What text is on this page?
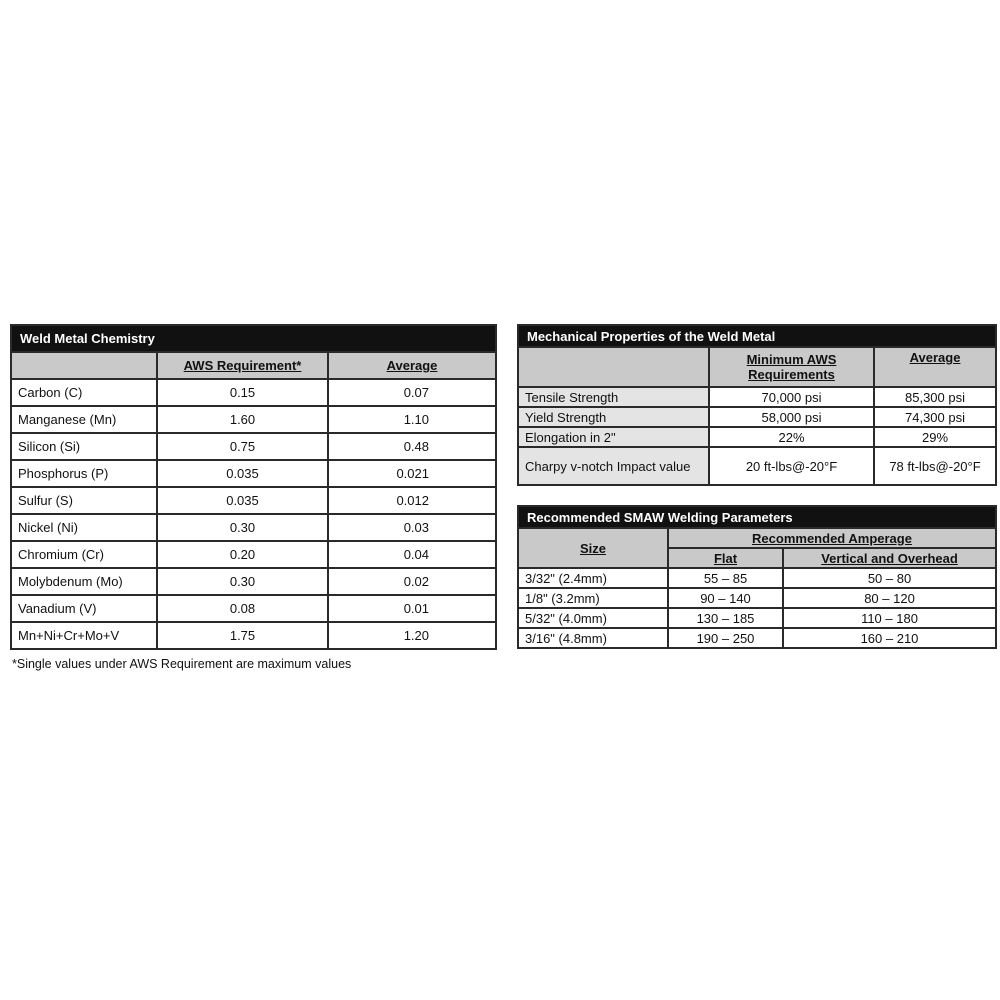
Weld Metal Chemistry		
	AWS Requirement*	Average
Carbon (C)	0.15	0.07
Manganese (Mn)	1.60	1.10
Silicon (Si)	0.75	0.48
Phosphorus (P)	0.035	0.021
Sulfur (S)	0.035	0.012
Nickel (Ni)	0.30	0.03
Chromium (Cr)	0.20	0.04
Molybdenum (Mo)	0.30	0.02
Vanadium (V)	0.08	0.01
Mn+Ni+Cr+Mo+V	1.75	1.20
*Single values under AWS Requirement are maximum values
Mechanical Properties of the Weld Metal		
	Minimum AWS Requirements	Average
Tensile Strength	70,000 psi	85,300 psi
Yield Strength	58,000 psi	74,300 psi
Elongation in 2"	22%	29%
Charpy v-notch Impact value	20 ft-lbs@-20°F	78 ft-lbs@-20°F
Recommended SMAW Welding Parameters		
Size	Recommended Amperage	
	Flat	Vertical and Overhead
3/32" (2.4mm)	55 – 85	50 – 80
1/8" (3.2mm)	90 – 140	80 – 120
5/32" (4.0mm)	130 – 185	110 – 180
3/16" (4.8mm)	190 – 250	160 – 210
